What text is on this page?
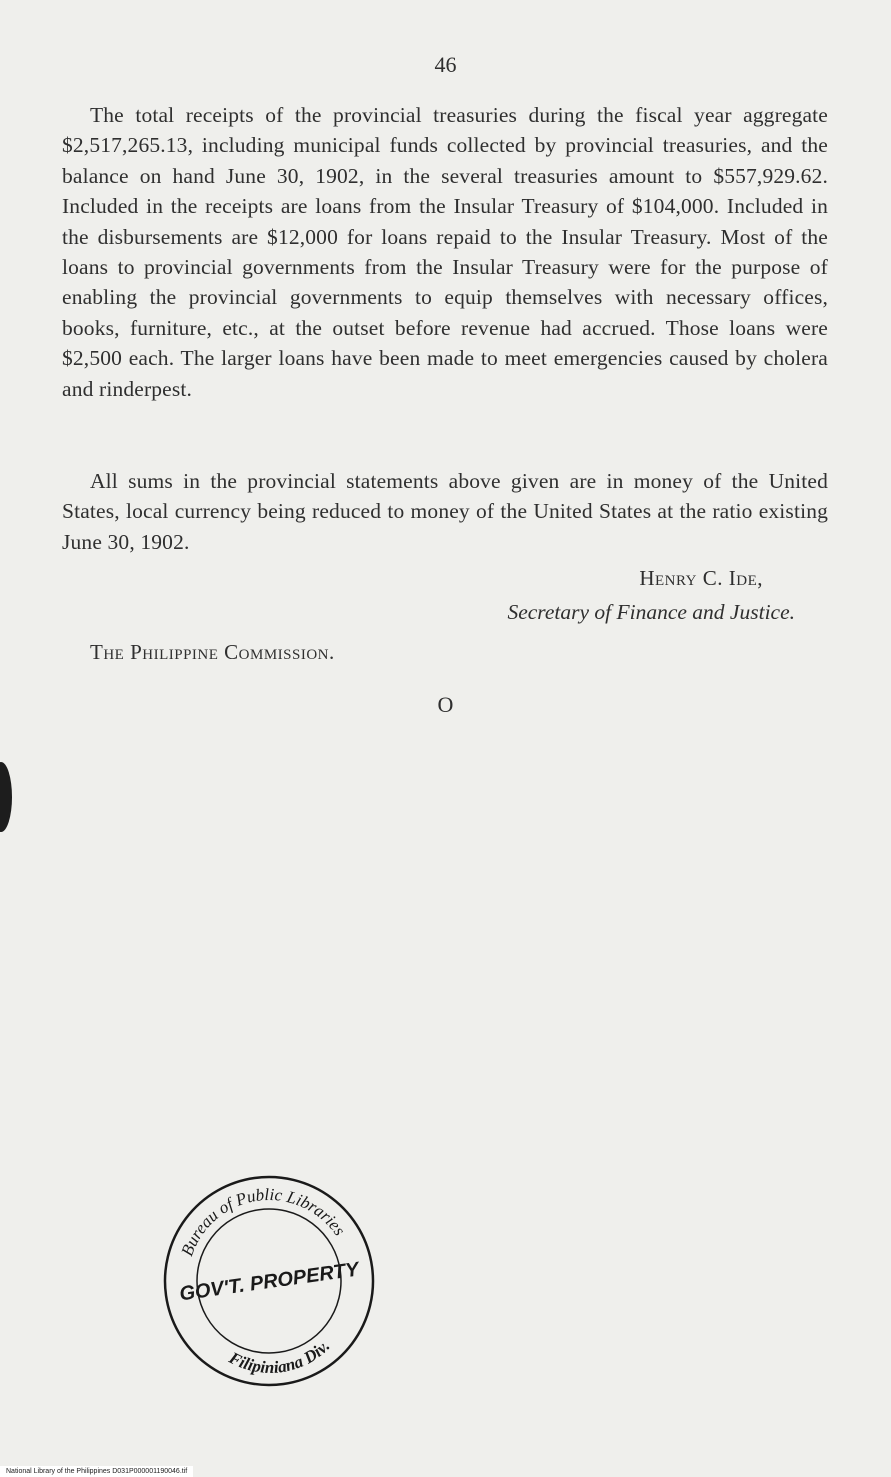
46

The total receipts of the provincial treasuries during the fiscal year aggregate $2,517,265.13, including municipal funds collected by provincial treasuries, and the balance on hand June 30, 1902, in the several treasuries amount to $557,929.62. Included in the receipts are loans from the Insular Treasury of $104,000. Included in the disbursements are $12,000 for loans repaid to the Insular Treasury. Most of the loans to provincial governments from the Insular Treasury were for the purpose of enabling the provincial governments to equip themselves with necessary offices, books, furniture, etc., at the outset before revenue had accrued. Those loans were $2,500 each. The larger loans have been made to meet emergencies caused by cholera and rinderpest.

All sums in the provincial statements above given are in money of the United States, local currency being reduced to money of the United States at the ratio existing June 30, 1902.

Henry C. Ide,
Secretary of Finance and Justice.
The Philippine Commission.
O
Bureau of Public Libraries
GOV'T. PROPERTY
Filipiniana Div.
National Library of the Philippines D031P000001190046.tif
